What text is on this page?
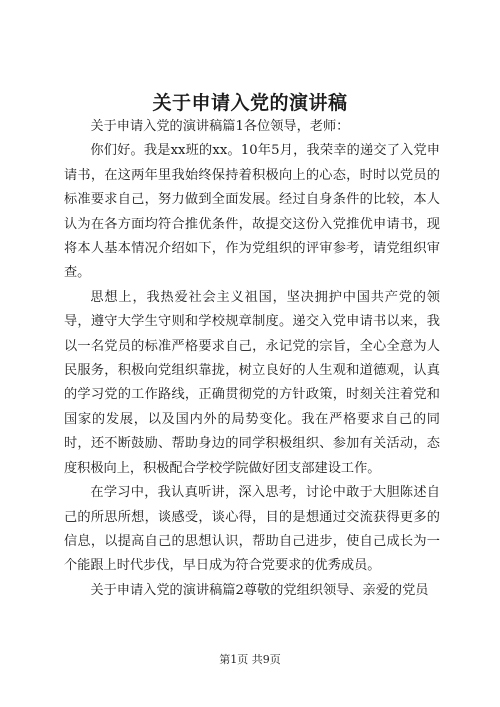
关于申请入党的演讲稿

关于申请入党的演讲稿篇1各位领导，老师：

你们好。我是xx班的xx。10年5月，我荣幸的递交了入党申请书，在这两年里我始终保持着积极向上的心态，时时以党员的标准要求自己，努力做到全面发展。经过自身条件的比较，本人认为在各方面均符合推优条件，故提交这份入党推优申请书，现将本人基本情况介绍如下，作为党组织的评审参考，请党组织审查。

思想上，我热爱社会主义祖国，坚决拥护中国共产党的领导，遵守大学生守则和学校规章制度。递交入党申请书以来，我以一名党员的标准严格要求自己，永记党的宗旨，全心全意为人民服务，积极向党组织靠拢，树立良好的人生观和道德观，认真的学习党的工作路线，正确贯彻党的方针政策，时刻关注着党和国家的发展，以及国内外的局势变化。我在严格要求自己的同时，还不断鼓励、帮助身边的同学积极组织、参加有关活动，态度积极向上，积极配合学校学院做好团支部建设工作。

在学习中，我认真听讲，深入思考，讨论中敢于大胆陈述自己的所思所想，谈感受，谈心得，目的是想通过交流获得更多的信息，以提高自己的思想认识，帮助自己进步，使自己成长为一个能跟上时代步伐，早日成为符合党要求的优秀成员。

关于申请入党的演讲稿篇2尊敬的党组织领导、亲爱的党员

第1页 共9页
